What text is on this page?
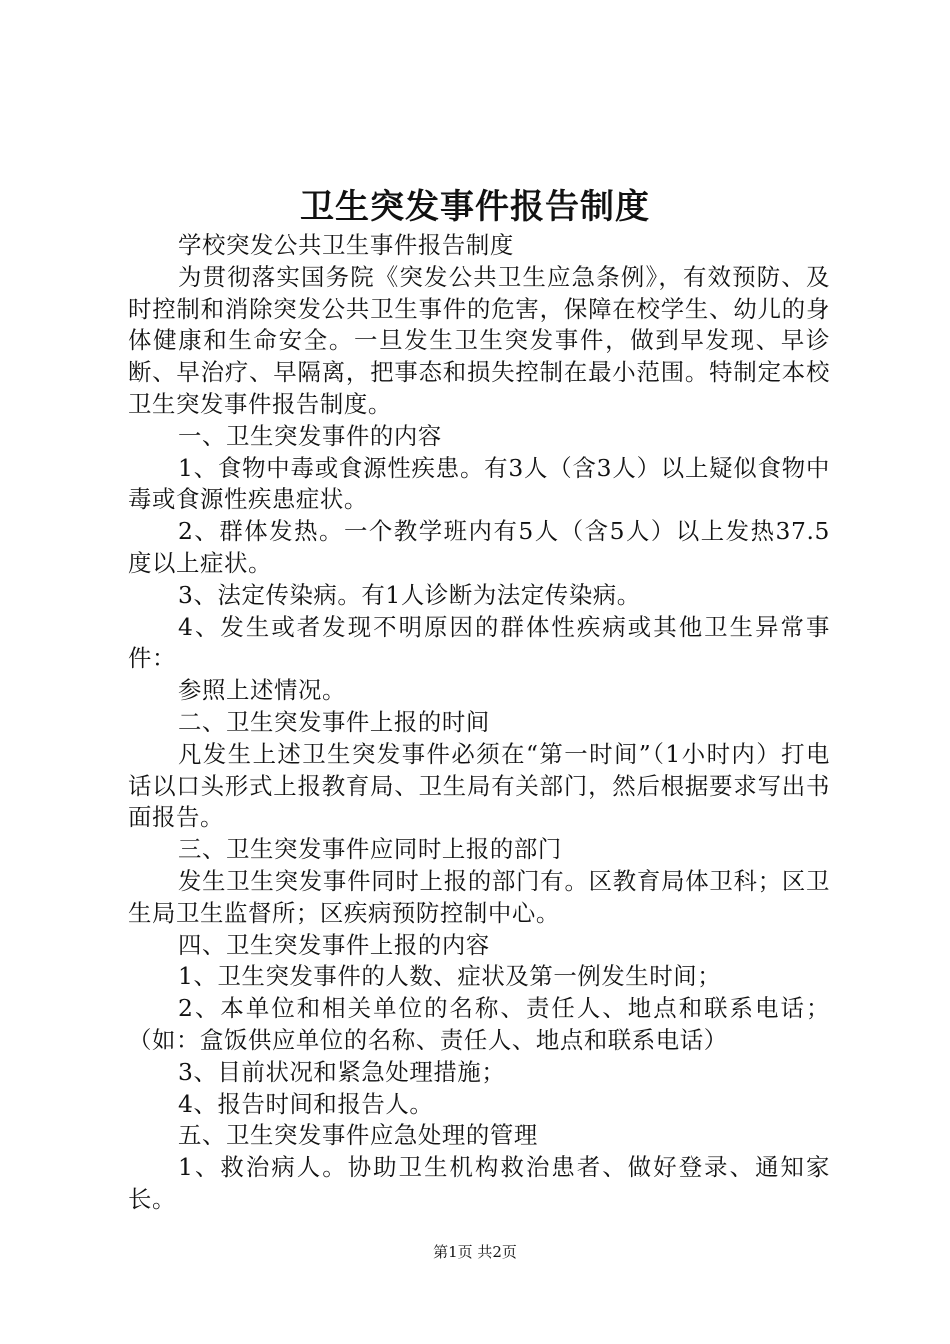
卫生突发事件报告制度

学校突发公共卫生事件报告制度

为贯彻落实国务院《突发公共卫生应急条例》，有效预防、及时控制和消除突发公共卫生事件的危害，保障在校学生、幼儿的身体健康和生命安全。一旦发生卫生突发事件，做到早发现、早诊断、早治疗、早隔离，把事态和损失控制在最小范围。特制定本校卫生突发事件报告制度。

一、卫生突发事件的内容

1、食物中毒或食源性疾患。有3人（含3人）以上疑似食物中毒或食源性疾患症状。

2、群体发热。一个教学班内有5人（含5人）以上发热37.5度以上症状。

3、法定传染病。有1人诊断为法定传染病。

4、发生或者发现不明原因的群体性疾病或其他卫生异常事件：

参照上述情况。

二、卫生突发事件上报的时间

凡发生上述卫生突发事件必须在“第一时间”（1小时内）打电话以口头形式上报教育局、卫生局有关部门，然后根据要求写出书面报告。

三、卫生突发事件应同时上报的部门

发生卫生突发事件同时上报的部门有。区教育局体卫科；区卫生局卫生监督所；区疾病预防控制中心。

四、卫生突发事件上报的内容

1、卫生突发事件的人数、症状及第一例发生时间；

2、本单位和相关单位的名称、责任人、地点和联系电话；（如：盒饭供应单位的名称、责任人、地点和联系电话）

3、目前状况和紧急处理措施；

4、报告时间和报告人。

五、卫生突发事件应急处理的管理

1、救治病人。协助卫生机构救治患者、做好登录、通知家长。

第1页 共2页
